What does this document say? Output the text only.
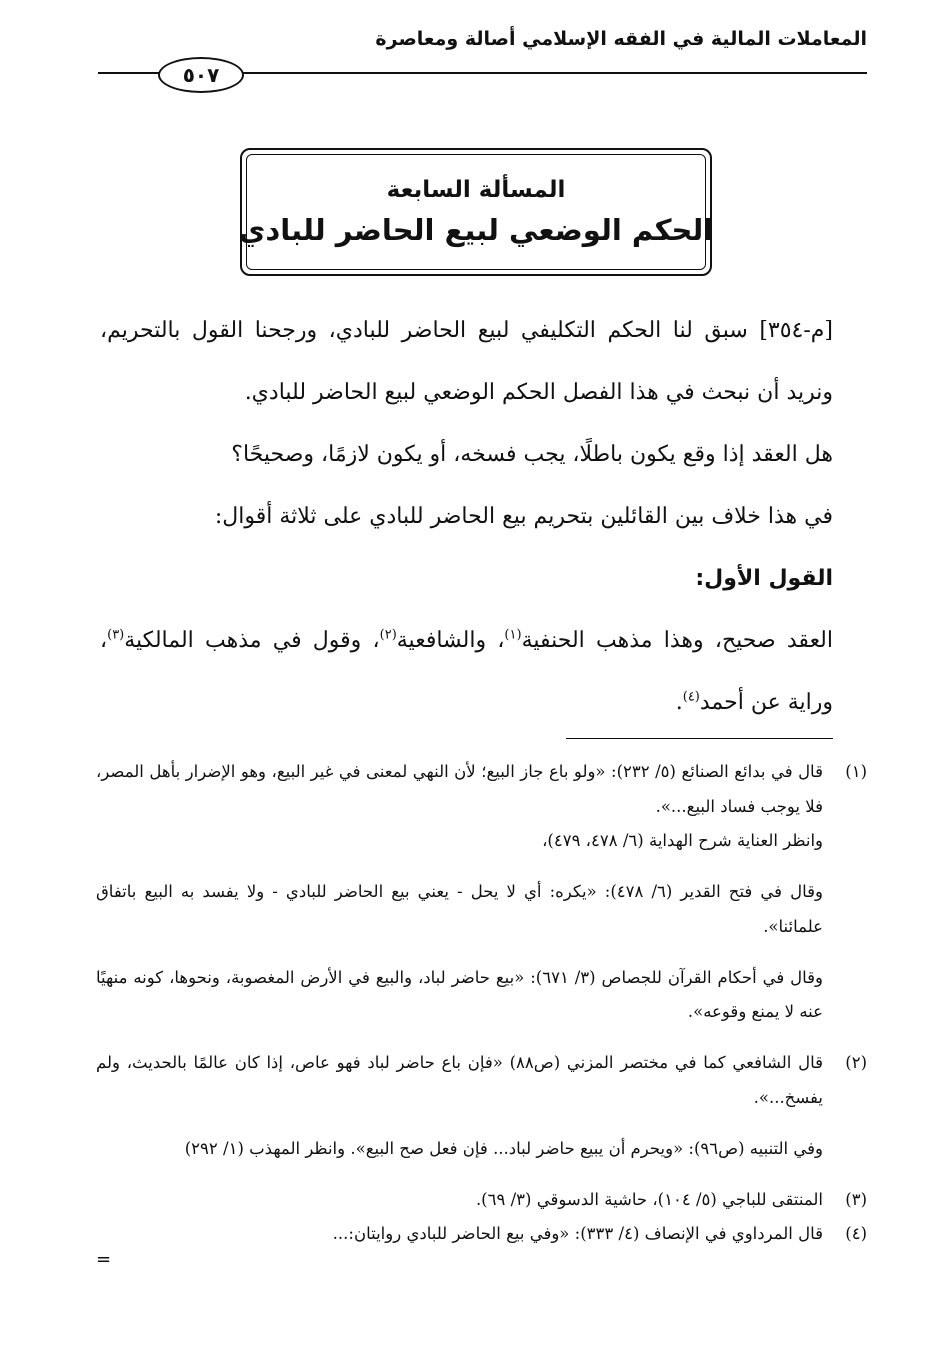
المعاملات المالية في الفقه الإسلامي أصالة ومعاصرة
٥٠٧
المسألة السابعة
الحكم الوضعي لبيع الحاضر للبادي

[م-٣٥٤] سبق لنا الحكم التكليفي لبيع الحاضر للبادي، ورجحنا القول بالتحريم، ونريد أن نبحث في هذا الفصل الحكم الوضعي لبيع الحاضر للبادي.

هل العقد إذا وقع يكون باطلًا، يجب فسخه، أو يكون لازمًا، وصحيحًا؟

في هذا خلاف بين القائلين بتحريم بيع الحاضر للبادي على ثلاثة أقوال:

القول الأول:

العقد صحيح، وهذا مذهب الحنفية$^{(١)}$، والشافعية$^{(٢)}$، وقول في مذهب المالكية$^{(٣)}$، وراية عن أحمد$^{(٤)}$.

(١)

قال في بدائع الصنائع (٥/ ٢٣٢): «ولو باع جاز البيع؛ لأن النهي لمعنى في غير البيع، وهو الإضرار بأهل المصر، فلا يوجب فساد البيع...».

وانظر العناية شرح الهداية (٦/ ٤٧٨، ٤٧٩)،

وقال في فتح القدير (٦/ ٤٧٨): «يكره: أي لا يحل - يعني بيع الحاضر للبادي - ولا يفسد به البيع باتفاق علمائنا».

وقال في أحكام القرآن للجصاص (٣/ ٦٧١): «بيع حاضر لباد، والبيع في الأرض المغصوبة، ونحوها، كونه منهيًا عنه لا يمنع وقوعه».

(٢)

قال الشافعي كما في مختصر المزني (ص٨٨) «فإن باع حاضر لباد فهو عاص، إذا كان عالمًا بالحديث، ولم يفسخ...».

وفي التنبيه (ص٩٦): «ويحرم أن يبيع حاضر لباد... فإن فعل صح البيع». وانظر المهذب (١/ ٢٩٢)

(٣)

المنتقى للباجي (٥/ ١٠٤)، حاشية الدسوقي (٣/ ٦٩).

(٤)

قال المرداوي في الإنصاف (٤/ ٣٣٣): «وفي بيع الحاضر للبادي روايتان:...

=
